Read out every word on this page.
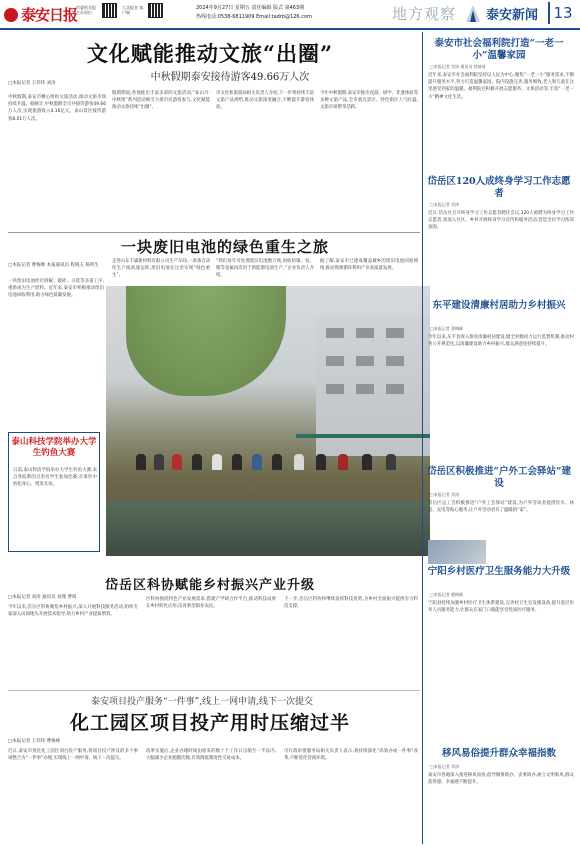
泰安日报
市委机关报 主办单位
大众报业 客户端
2024年9月27日 星期五 责任编辑 版式 第463期
热线电话:0538-6811909 Email:tadrb@126.com	地方观察 泰安新闻	13
文化赋能推动文旅“出圈”
中秋假期泰安接待游客49.66万人次
□本报记者 王玮伟 刘涛
中秋假期,泰安市精心组织文旅活动,推动文旅市场持续升温。据统计,中秋假期全市共接待游客49.66万人次,实现旅游收入4.16亿元。泰山景区接待游客8.01万人次。
假期期间,各地推出丰富多彩的文旅活动,“泰山月·中秋情”系列活动吸引大批市民游客参与,文化赋能推动文旅持续“出圈”。
市文化和旅游局相关负责人介绍,下一步将持续丰富文旅产品供给,推动文旅深度融合,不断提升游客体验。
今年中秋假期,泰安市推出夜游、研学、非遗体验等多种文旅产品,全市重点景区、特色街区人气旺盛,文旅市场繁荣活跃。
一块废旧电池的绿色重生之旅
□本报记者 曹梅峰 本报通讯员 程晓玉 陈明生
一块废旧电池经过拆解、破碎、分选等多道工序,重新成为生产原料。近年来,泰安市积极推动废旧电池回收利用,助力绿色低碳发展。
走进山东丰霖新材料有限公司生产车间,一条条自动化生产线高速运转,废旧电池在这里实现“绿色重生”。
“我们每年可处理废旧电池数万吨,回收的镍、钴、锂等金属再次用于新能源电池生产。”企业负责人介绍。
据了解,泰安市已建成覆盖城乡的废旧电池回收网络,推动资源循环利用产业高质量发展。
泰山科技学院举办大学生钓鱼大赛
日前,泰山科技学院举办大学生钓鱼大赛,来自各院系的百余名学生参加比赛,在垂钓中放松身心、增进友谊。
岱岳区科协赋能乡村振兴产业升级
□本报记者 刘涛 通讯员 刘燕 曹萌
今年以来,岱岳区科协聚焦乡村振兴,深入开展科技服务活动,组织专家深入田间地头开展技术指导,助力乡村产业提质增效。
区科协围绕特色产业发展需求,搭建产学研合作平台,推动科技成果在乡村转化应用,培育新型职业农民。
下一步,岱岳区科协将继续发挥科技优势,为乡村全面振兴提供有力科技支撑。
泰安项目投产服务“一件事”,线上一网申请,线下一次提交
化工园区项目投产用时压缩过半
□本报记者 王玮伟 曹梅峰
近日,泰安市优化化工园区项目投产服务,将项目投产涉及的多个事项整合为“一件事”办理,实现线上一网申请、线下一次提交。
改革实施后,企业办理时间由原来的数十个工作日压缩至一半以内,大幅减少企业跑腿次数,有效降低制度性交易成本。
市行政审批服务局相关负责人表示,将持续深化“高效办成一件事”改革,不断优化营商环境。
泰安市社会福利院打造“一老一小”温馨家园
□本报记者 刘涛 通讯员 徐倩倩
近年来,泰安市社会福利院坚持以人民为中心,聚焦“一老一小”服务需求,不断提升服务水平,努力打造温馨家园。院内设施完善,服务细致,老人和儿童在这里感受到家的温暖。福利院还积极开展志愿服务、文体活动等,丰富“一老一小”精神文化生活。
岱岳区120人成终身学习工作志愿者
□本报记者 刘涛
近日,岱岳区召开终身学习工作志愿者聘任会议,120人被聘为终身学习工作志愿者,将深入社区、乡村开展终身学习宣传和服务活动,营造全民学习浓厚氛围。
东平建设清廉村居助力乡村振兴
□本报记者 曹梅峰
今年以来,东平县深入推进清廉村居建设,健全村级权力运行监督机制,推动村务公开规范化,以清廉建设助力乡村振兴,群众满意度持续提升。
岱岳区积极推进“户外工会驿站”建设
□本报记者 刘涛
岱岳区总工会积极推进“户外工会驿站”建设,为户外劳动者提供饮水、休息、充电等贴心服务,让户外劳动者有了温暖的“家”。
宁阳乡村医疗卫生服务能力大升级
□本报记者 曹梅峰
宁阳县持续加强乡村医疗卫生体系建设,完善村卫生室设施设备,提升基层医务人员服务能力,让群众在家门口就能享受优质医疗服务。
移风易俗提升群众幸福指数
□本报记者 刘涛
泰安市各地深入推进移风易俗,倡导婚事新办、丧事简办,树立文明新风,群众获得感、幸福感不断提升。
